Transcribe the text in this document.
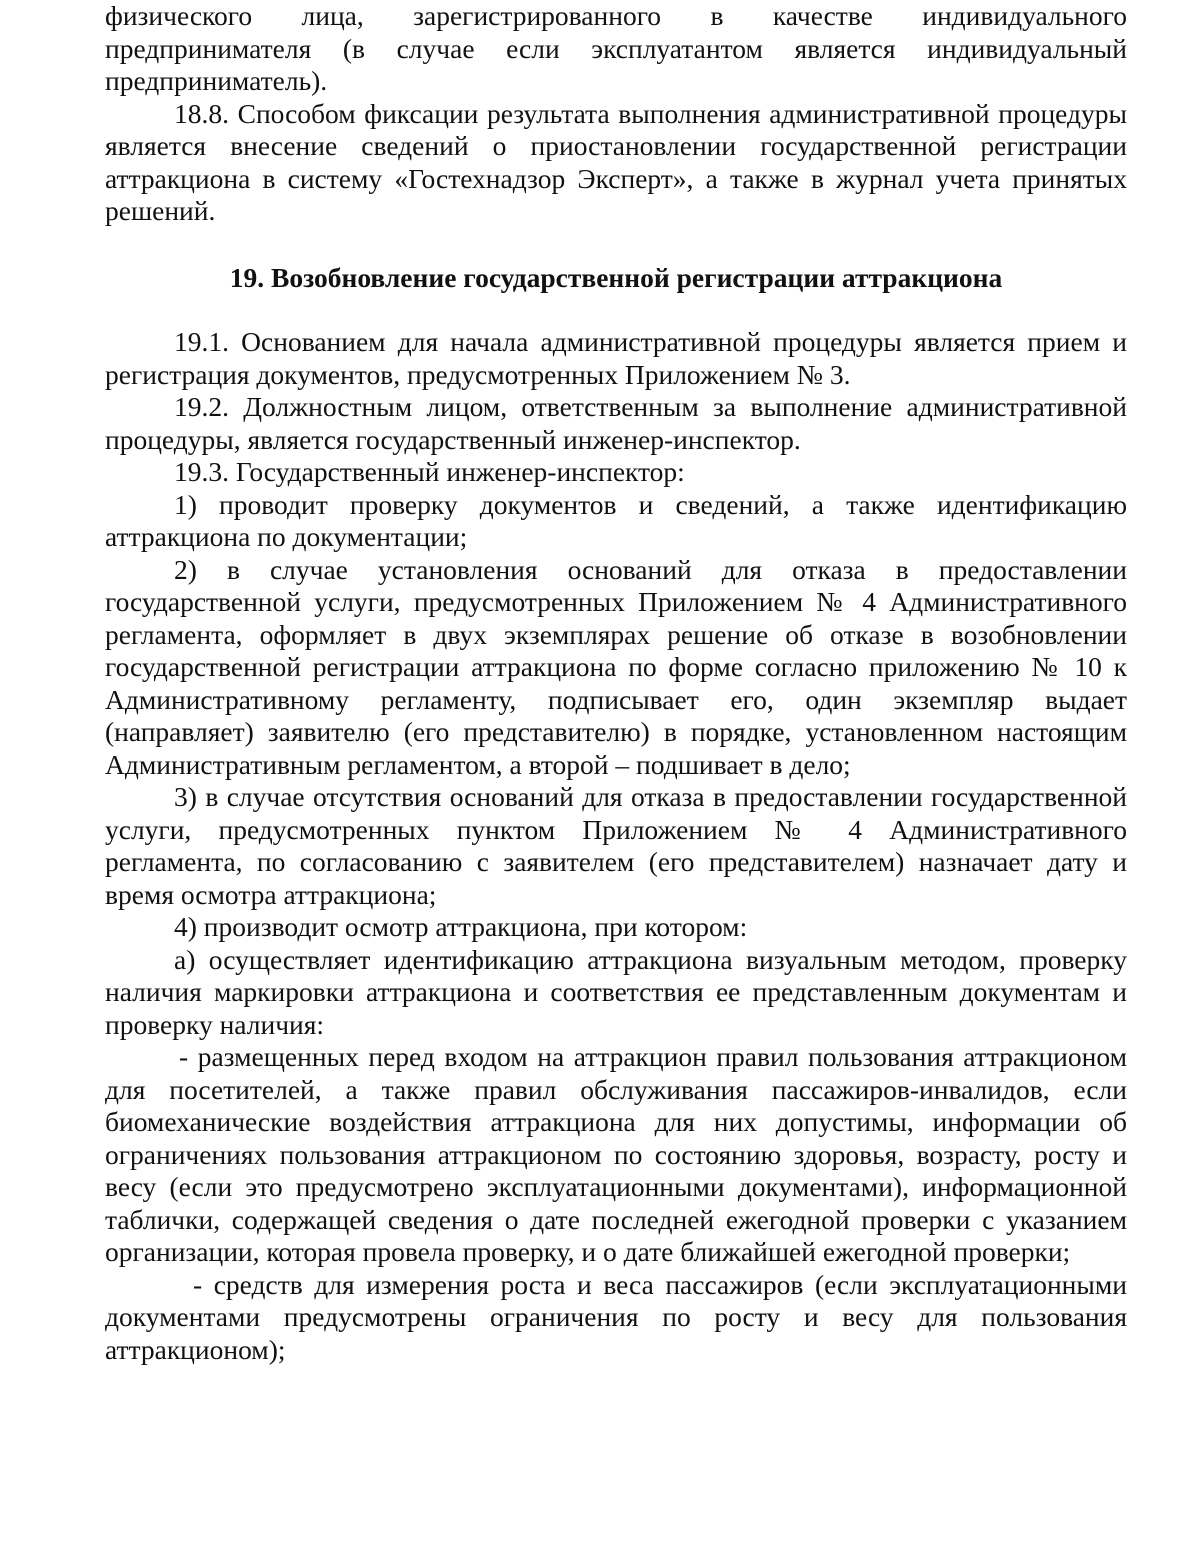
физического лица, зарегистрированного в качестве индивидуального предпринимателя (в случае если эксплуатантом является индивидуальный предприниматель).

18.8. Способом фиксации результата выполнения административной процедуры является внесение сведений о приостановлении государственной регистрации аттракциона в систему «Гостехнадзор Эксперт», а также в журнал учета принятых решений.

19. Возобновление государственной регистрации аттракциона

19.1. Основанием для начала административной процедуры является прием и регистрация документов, предусмотренных Приложением № 3.

19.2. Должностным лицом, ответственным за выполнение административной процедуры, является государственный инженер-инспектор.

19.3. Государственный инженер-инспектор:

1) проводит проверку документов и сведений, а также идентификацию аттракциона по документации;

2) в случае установления оснований для отказа в предоставлении государственной услуги, предусмотренных Приложением № 4 Административного регламента, оформляет в двух экземплярах решение об отказе в возобновлении государственной регистрации аттракциона по форме согласно приложению № 10 к Административному регламенту, подписывает его, один экземпляр выдает (направляет) заявителю (его представителю) в порядке, установленном настоящим Административным регламентом, а второй – подшивает в дело;

3) в случае отсутствия оснований для отказа в предоставлении государственной услуги, предусмотренных пунктом Приложением № 4 Административного регламента, по согласованию с заявителем (его представителем) назначает дату и время осмотра аттракциона;

4) производит осмотр аттракциона, при котором:

а) осуществляет идентификацию аттракциона визуальным методом, проверку наличия маркировки аттракциона и соответствия ее представленным документам и проверку наличия:

- размещенных перед входом на аттракцион правил пользования аттракционом для посетителей, а также правил обслуживания пассажиров-инвалидов, если биомеханические воздействия аттракциона для них допустимы, информации об ограничениях пользования аттракционом по состоянию здоровья, возрасту, росту и весу (если это предусмотрено эксплуатационными документами), информационной таблички, содержащей сведения о дате последней ежегодной проверки с указанием организации, которая провела проверку, и о дате ближайшей ежегодной проверки;

- средств для измерения роста и веса пассажиров (если эксплуатационными документами предусмотрены ограничения по росту и весу для пользования аттракционом);
